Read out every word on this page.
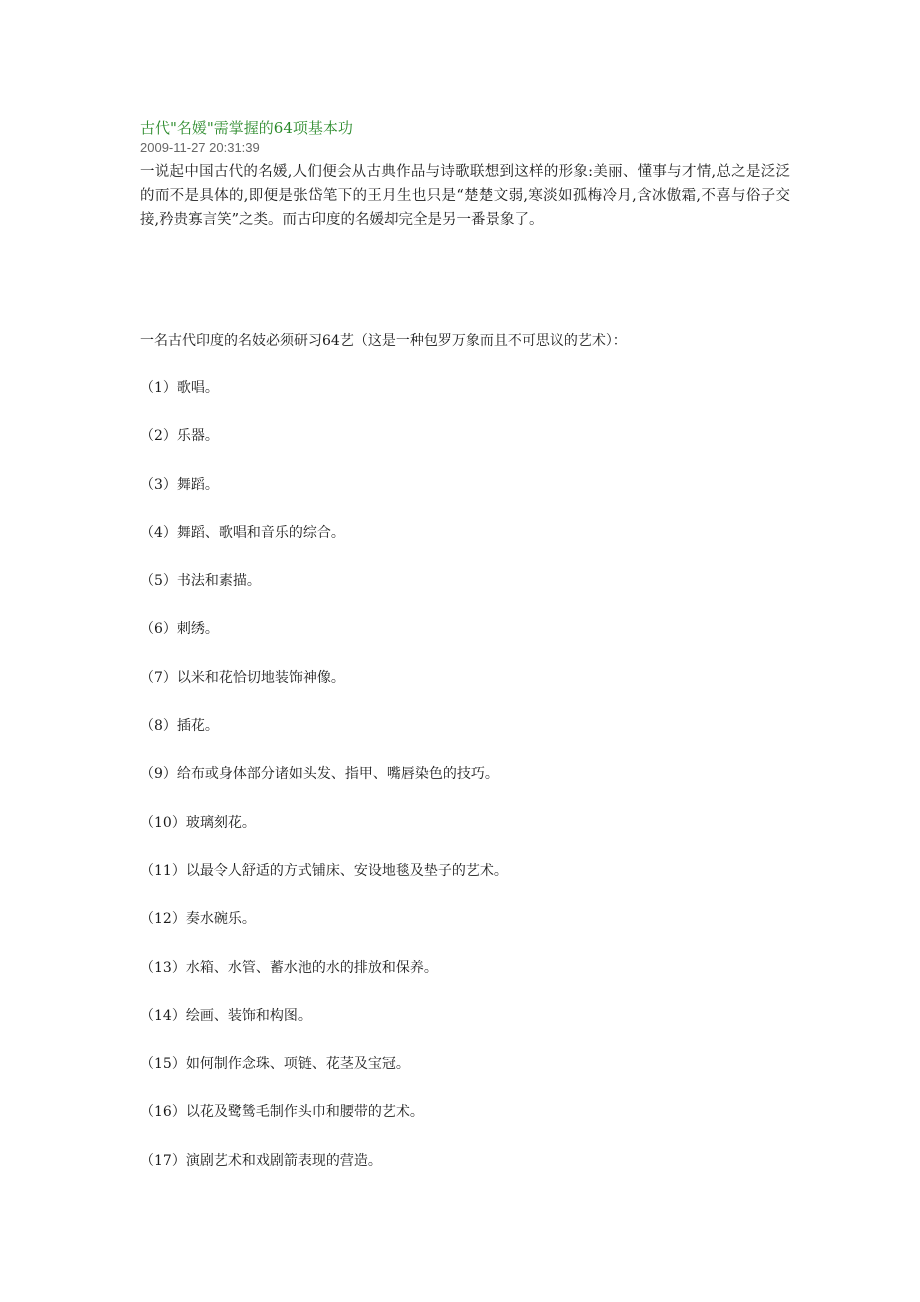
古代"名媛"需掌握的64项基本功
2009-11-27 20:31:39

一说起中国古代的名媛,人们便会从古典作品与诗歌联想到这样的形象:美丽、懂事与才情,总之是泛泛的而不是具体的,即便是张岱笔下的王月生也只是“楚楚文弱,寒淡如孤梅冷月,含冰傲霜,不喜与俗子交接,矜贵寡言笑”之类。而古印度的名媛却完全是另一番景象了。

一名古代印度的名妓必须研习64艺（这是一种包罗万象而且不可思议的艺术）：
（1）歌唱。
（2）乐器。
（3）舞蹈。
（4）舞蹈、歌唱和音乐的综合。
（5）书法和素描。
（6）刺绣。
（7）以米和花恰切地装饰神像。
（8）插花。
（9）给布或身体部分诸如头发、指甲、嘴唇染色的技巧。
（10）玻璃刻花。
（11）以最令人舒适的方式铺床、安设地毯及垫子的艺术。
（12）奏水碗乐。
（13）水箱、水管、蓄水池的水的排放和保养。
（14）绘画、装饰和构图。
（15）如何制作念珠、项链、花茎及宝冠。
（16）以花及鹭鸶毛制作头巾和腰带的艺术。
（17）演剧艺术和戏剧箭表现的营造。
